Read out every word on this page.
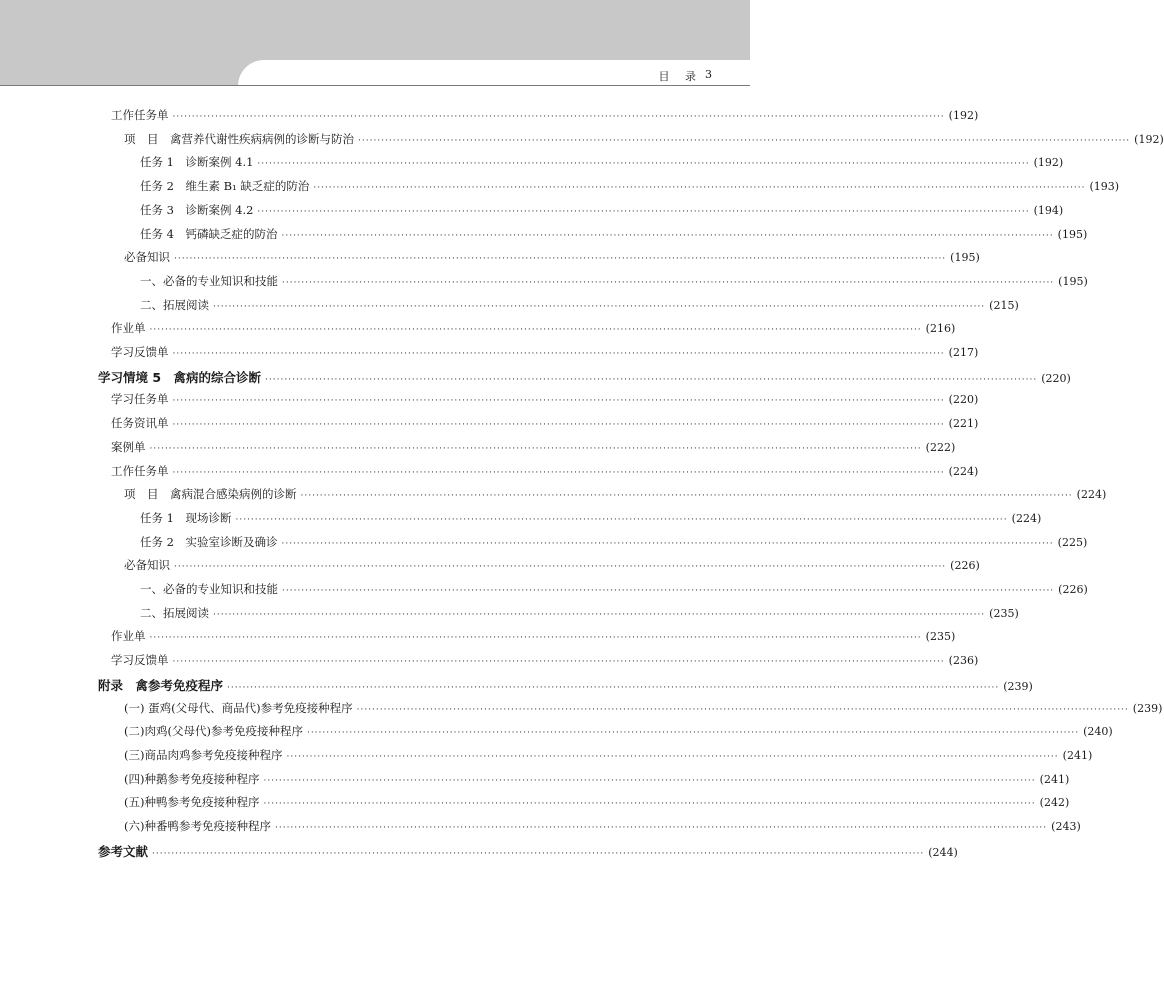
目 录 3
工作任务单 ········································································································································································································ (192)
项　目　禽营养代谢性疾病病例的诊断与防治 ········································································································································································································ (192)
任务 1　诊断案例 4.1 ········································································································································································································ (192)
任务 2　维生素 B₁ 缺乏症的防治 ········································································································································································································ (193)
任务 3　诊断案例 4.2 ········································································································································································································ (194)
任务 4　钙磷缺乏症的防治 ········································································································································································································ (195)
必备知识 ········································································································································································································ (195)
一、必备的专业知识和技能 ········································································································································································································ (195)
二、拓展阅读 ········································································································································································································ (215)
作业单 ········································································································································································································ (216)
学习反馈单 ········································································································································································································ (217)
学习情境 5　禽病的综合诊断 ········································································································································································································ (220)
学习任务单 ········································································································································································································ (220)
任务资讯单 ········································································································································································································ (221)
案例单 ········································································································································································································ (222)
工作任务单 ········································································································································································································ (224)
项　目　禽病混合感染病例的诊断 ········································································································································································································ (224)
任务 1　现场诊断 ········································································································································································································ (224)
任务 2　实验室诊断及确诊 ········································································································································································································ (225)
必备知识 ········································································································································································································ (226)
一、必备的专业知识和技能 ········································································································································································································ (226)
二、拓展阅读 ········································································································································································································ (235)
作业单 ········································································································································································································ (235)
学习反馈单 ········································································································································································································ (236)
附录　禽参考免疫程序 ········································································································································································································ (239)
(一) 蛋鸡(父母代、商品代)参考免疫接种程序 ········································································································································································································ (239)
(二)肉鸡(父母代)参考免疫接种程序 ········································································································································································································ (240)
(三)商品肉鸡参考免疫接种程序 ········································································································································································································ (241)
(四)种鹅参考免疫接种程序 ········································································································································································································ (241)
(五)种鸭参考免疫接种程序 ········································································································································································································ (242)
(六)种番鸭参考免疫接种程序 ········································································································································································································ (243)
参考文献 ········································································································································································································ (244)
